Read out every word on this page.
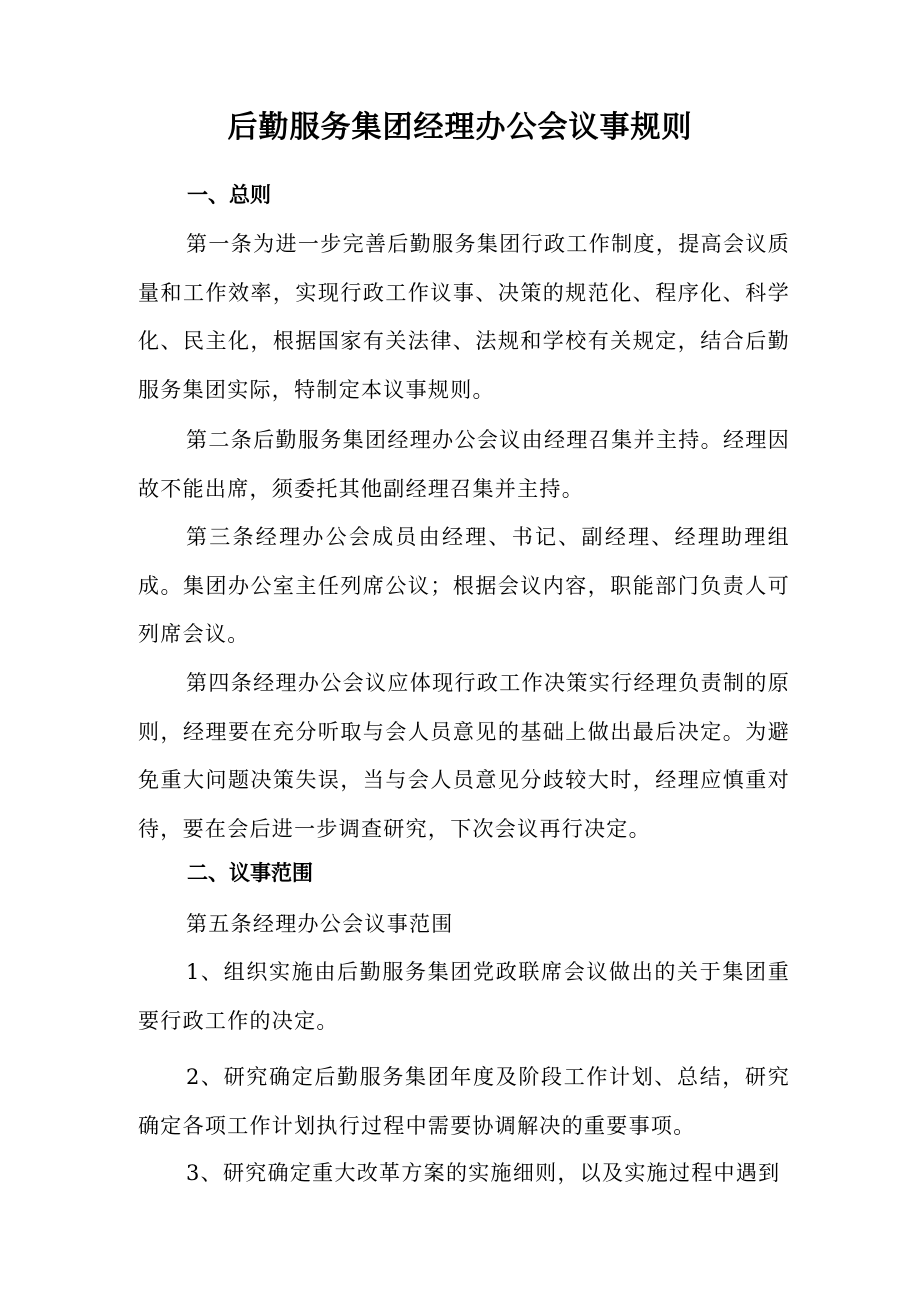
后勤服务集团经理办公会议事规则
一、总则

第一条为进一步完善后勤服务集团行政工作制度，提高会议质量和工作效率，实现行政工作议事、决策的规范化、程序化、科学化、民主化，根据国家有关法律、法规和学校有关规定，结合后勤服务集团实际，特制定本议事规则。

第二条后勤服务集团经理办公会议由经理召集并主持。经理因故不能出席，须委托其他副经理召集并主持。

第三条经理办公会成员由经理、书记、副经理、经理助理组成。集团办公室主任列席公议；根据会议内容，职能部门负责人可列席会议。

第四条经理办公会议应体现行政工作决策实行经理负责制的原则，经理要在充分听取与会人员意见的基础上做出最后决定。为避免重大问题决策失误，当与会人员意见分歧较大时，经理应慎重对待，要在会后进一步调查研究，下次会议再行决定。

二、议事范围

第五条经理办公会议事范围

1、组织实施由后勤服务集团党政联席会议做出的关于集团重要行政工作的决定。

2、研究确定后勤服务集团年度及阶段工作计划、总结，研究确定各项工作计划执行过程中需要协调解决的重要事项。

3、研究确定重大改革方案的实施细则，以及实施过程中遇到
